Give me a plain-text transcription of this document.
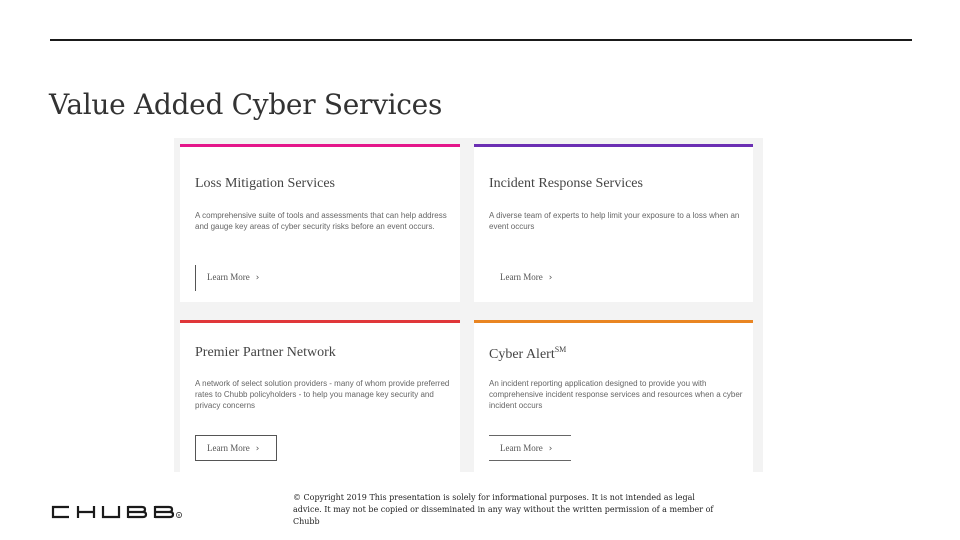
Value Added Cyber Services
Loss Mitigation Services
A comprehensive suite of tools and assessments that can help address and gauge key areas of cyber security risks before an event occurs.
Learn More ›
Incident Response Services
A diverse team of experts to help limit your exposure to a loss when an event occurs
Learn More ›
Premier Partner Network
A network of select solution providers - many of whom provide preferred rates to Chubb policyholders - to help you manage key security and privacy concerns
Learn More ›
Cyber Alert℠
An incident reporting application designed to provide you with comprehensive incident response services and resources when a cyber incident occurs
Learn More ›
R
© Copyright 2019 This presentation is solely for informational purposes. It is not intended as legal advice. It may not be copied or disseminated in any way without the written permission of a member of Chubb
